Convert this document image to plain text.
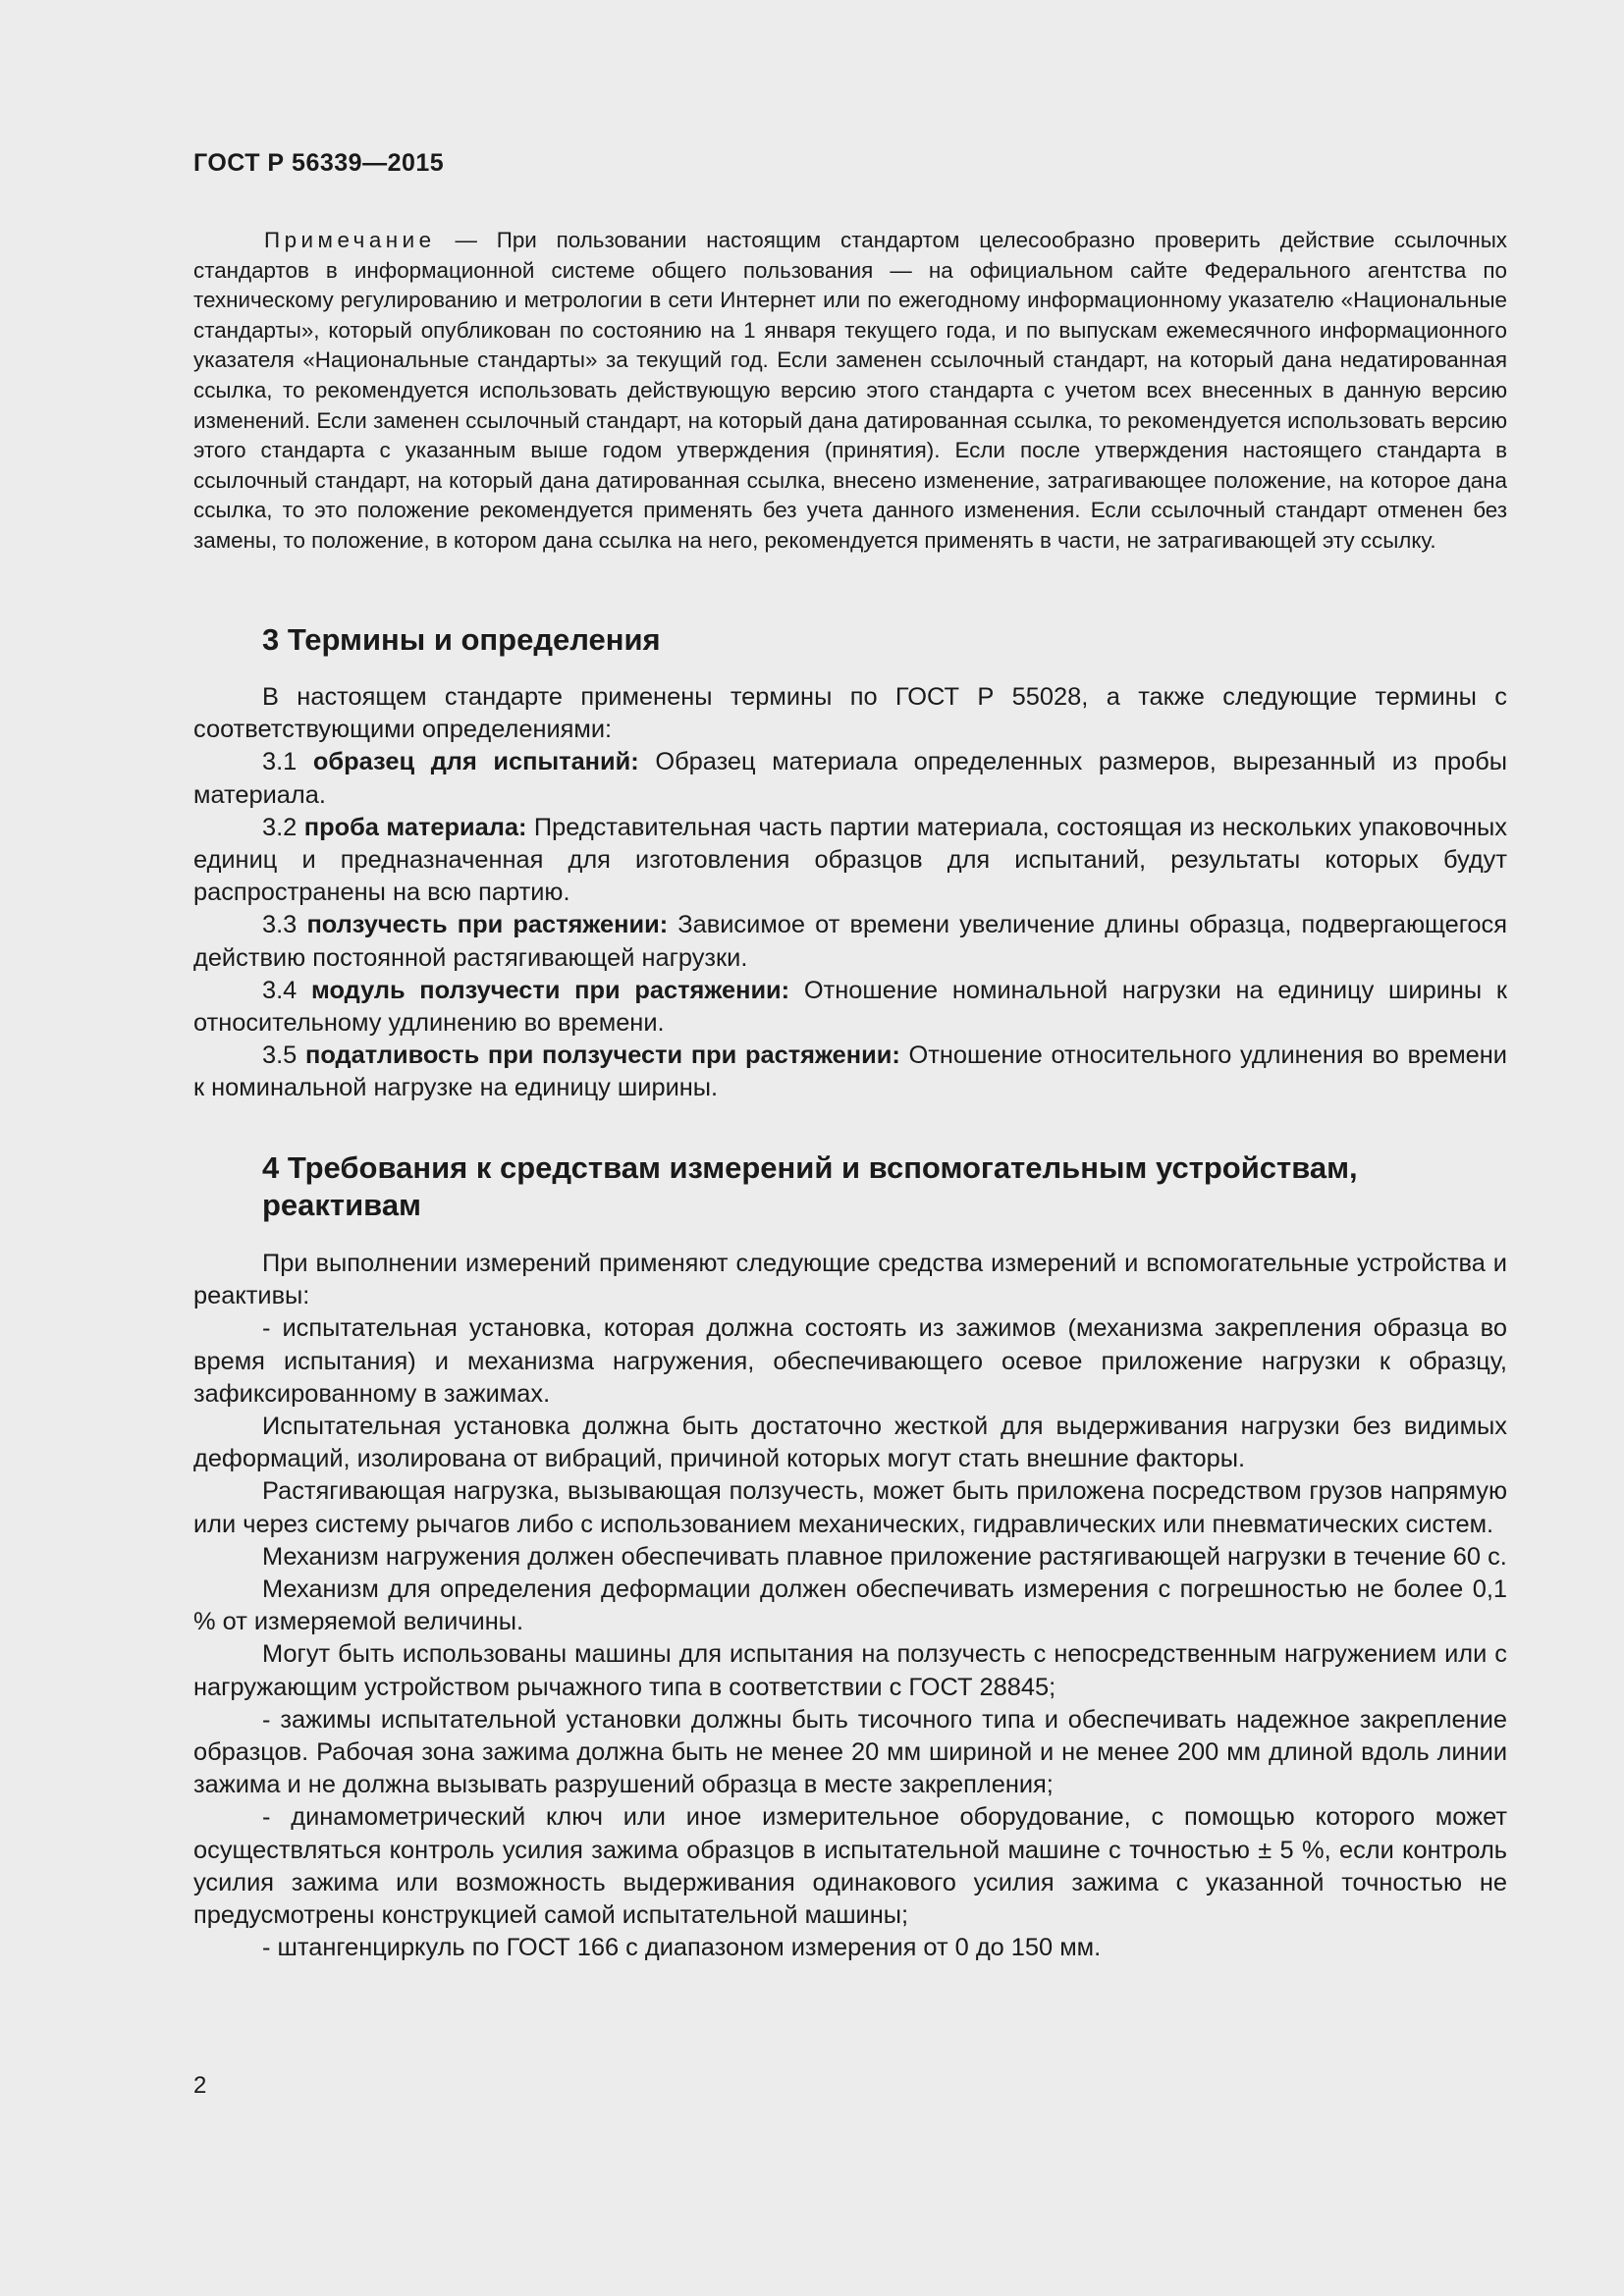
ГОСТ Р 56339—2015

Примечание — При пользовании настоящим стандартом целесообразно проверить действие ссылочных стандартов в информационной системе общего пользования — на официальном сайте Федерального агентства по техническому регулированию и метрологии в сети Интернет или по ежегодному информационному указателю «Национальные стандарты», который опубликован по состоянию на 1 января текущего года, и по выпускам ежемесячного информационного указателя «Национальные стандарты» за текущий год. Если заменен ссылочный стандарт, на который дана недатированная ссылка, то рекомендуется использовать действующую версию этого стандарта с учетом всех внесенных в данную версию изменений. Если заменен ссылочный стандарт, на который дана датированная ссылка, то рекомендуется использовать версию этого стандарта с указанным выше годом утверждения (принятия). Если после утверждения настоящего стандарта в ссылочный стандарт, на который дана датированная ссылка, внесено изменение, затрагивающее положение, на которое дана ссылка, то это положение рекомендуется применять без учета данного изменения. Если ссылочный стандарт отменен без замены, то положение, в котором дана ссылка на него, рекомендуется применять в части, не затрагивающей эту ссылку.

3 Термины и определения

В настоящем стандарте применены термины по ГОСТ Р 55028, а также следующие термины с соответствующими определениями:

3.1 образец для испытаний: Образец материала определенных размеров, вырезанный из пробы материала.

3.2 проба материала: Представительная часть партии материала, состоящая из нескольких упаковочных единиц и предназначенная для изготовления образцов для испытаний, результаты которых будут распространены на всю партию.

3.3 ползучесть при растяжении: Зависимое от времени увеличение длины образца, подвергающегося действию постоянной растягивающей нагрузки.

3.4 модуль ползучести при растяжении: Отношение номинальной нагрузки на единицу ширины к относительному удлинению во времени.

3.5 податливость при ползучести при растяжении: Отношение относительного удлинения во времени к номинальной нагрузке на единицу ширины.

4 Требования к средствам измерений и вспомогательным устройствам, реактивам

При выполнении измерений применяют следующие средства измерений и вспомогательные устройства и реактивы:

- испытательная установка, которая должна состоять из зажимов (механизма закрепления образца во время испытания) и механизма нагружения, обеспечивающего осевое приложение нагрузки к образцу, зафиксированному в зажимах.

Испытательная установка должна быть достаточно жесткой для выдерживания нагрузки без видимых деформаций, изолирована от вибраций, причиной которых могут стать внешние факторы.

Растягивающая нагрузка, вызывающая ползучесть, может быть приложена посредством грузов напрямую или через систему рычагов либо с использованием механических, гидравлических или пневматических систем.

Механизм нагружения должен обеспечивать плавное приложение растягивающей нагрузки в течение 60 с.

Механизм для определения деформации должен обеспечивать измерения с погрешностью не более 0,1 % от измеряемой величины.

Могут быть использованы машины для испытания на ползучесть с непосредственным нагружением или с нагружающим устройством рычажного типа в соответствии с ГОСТ 28845;

- зажимы испытательной установки должны быть тисочного типа и обеспечивать надежное закрепление образцов. Рабочая зона зажима должна быть не менее 20 мм шириной и не менее 200 мм длиной вдоль линии зажима и не должна вызывать разрушений образца в месте закрепления;

- динамометрический ключ или иное измерительное оборудование, с помощью которого может осуществляться контроль усилия зажима образцов в испытательной машине с точностью ± 5 %, если контроль усилия зажима или возможность выдерживания одинакового усилия зажима с указанной точностью не предусмотрены конструкцией самой испытательной машины;

- штангенциркуль по ГОСТ 166 с диапазоном измерения от 0 до 150 мм.

2
